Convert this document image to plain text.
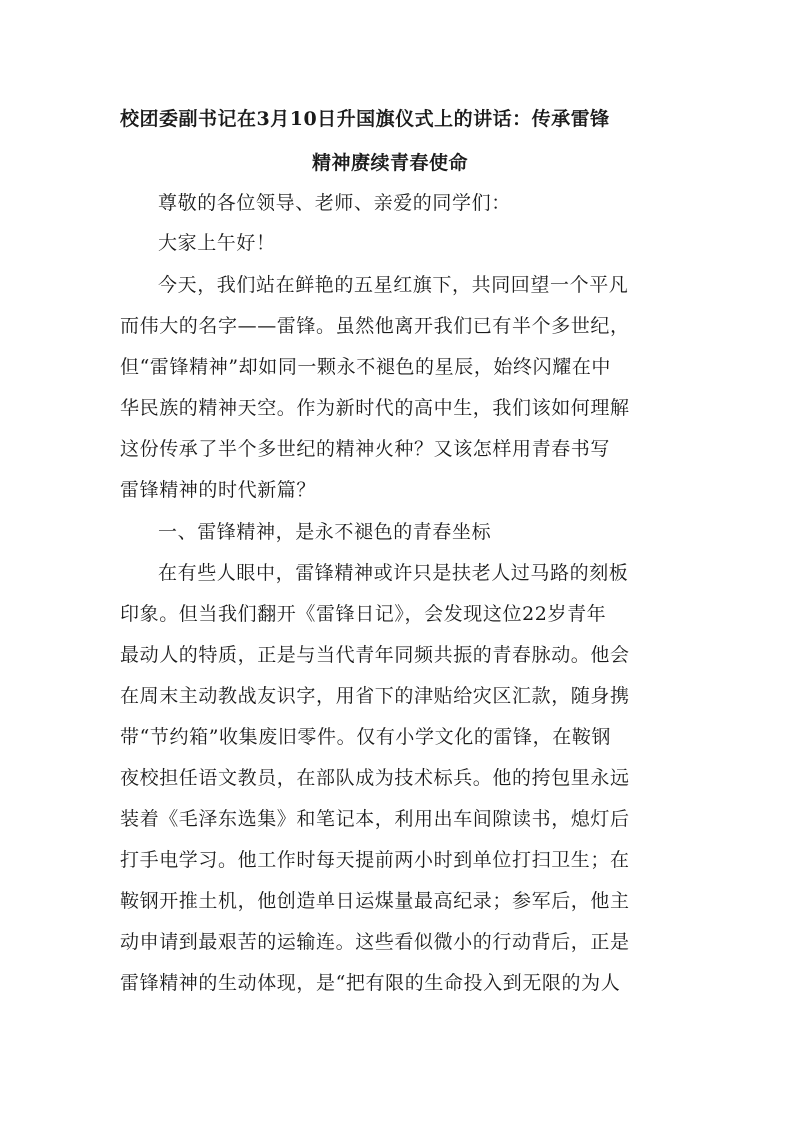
校团委副书记在3月10日升国旗仪式上的讲话：传承雷锋
精神赓续青春使命
尊敬的各位领导、老师、亲爱的同学们：
大家上午好！
今天，我们站在鲜艳的五星红旗下，共同回望一个平凡
而伟大的名字——雷锋。虽然他离开我们已有半个多世纪，
但“雷锋精神”却如同一颗永不褪色的星辰，始终闪耀在中
华民族的精神天空。作为新时代的高中生，我们该如何理解
这份传承了半个多世纪的精神火种？又该怎样用青春书写
雷锋精神的时代新篇？
一、雷锋精神，是永不褪色的青春坐标
在有些人眼中，雷锋精神或许只是扶老人过马路的刻板
印象。但当我们翻开《雷锋日记》，会发现这位22岁青年
最动人的特质，正是与当代青年同频共振的青春脉动。他会
在周末主动教战友识字，用省下的津贴给灾区汇款，随身携
带“节约箱”收集废旧零件。仅有小学文化的雷锋，在鞍钢
夜校担任语文教员，在部队成为技术标兵。他的挎包里永远
装着《毛泽东选集》和笔记本，利用出车间隙读书，熄灯后
打手电学习。他工作时每天提前两小时到单位打扫卫生；在
鞍钢开推土机，他创造单日运煤量最高纪录；参军后，他主
动申请到最艰苦的运输连。这些看似微小的行动背后，正是
雷锋精神的生动体现，是“把有限的生命投入到无限的为人
